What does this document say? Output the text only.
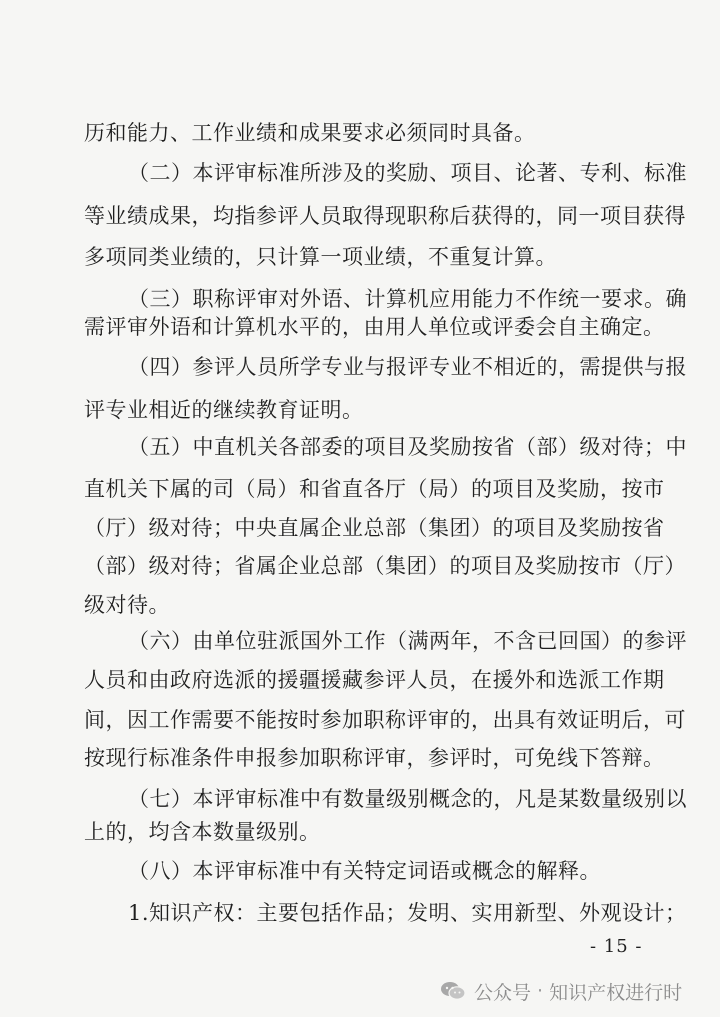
历和能力、工作业绩和成果要求必须同时具备。
（二）本评审标准所涉及的奖励、项目、论著、专利、标准
等业绩成果，均指参评人员取得现职称后获得的，同一项目获得
多项同类业绩的，只计算一项业绩，不重复计算。
（三）职称评审对外语、计算机应用能力不作统一要求。确
需评审外语和计算机水平的，由用人单位或评委会自主确定。
（四）参评人员所学专业与报评专业不相近的，需提供与报
评专业相近的继续教育证明。
（五）中直机关各部委的项目及奖励按省（部）级对待；中
直机关下属的司（局）和省直各厅（局）的项目及奖励，按市
（厅）级对待；中央直属企业总部（集团）的项目及奖励按省
（部）级对待；省属企业总部（集团）的项目及奖励按市（厅）
级对待。
（六）由单位驻派国外工作（满两年，不含已回国）的参评
人员和由政府选派的援疆援藏参评人员，在援外和选派工作期
间，因工作需要不能按时参加职称评审的，出具有效证明后，可
按现行标准条件申报参加职称评审，参评时，可免线下答辩。
（七）本评审标准中有数量级别概念的，凡是某数量级别以
上的，均含本数量级别。
（八）本评审标准中有关特定词语或概念的解释。
1.知识产权：主要包括作品；发明、实用新型、外观设计；
- 15 -
公众号 · 知识产权进行时
